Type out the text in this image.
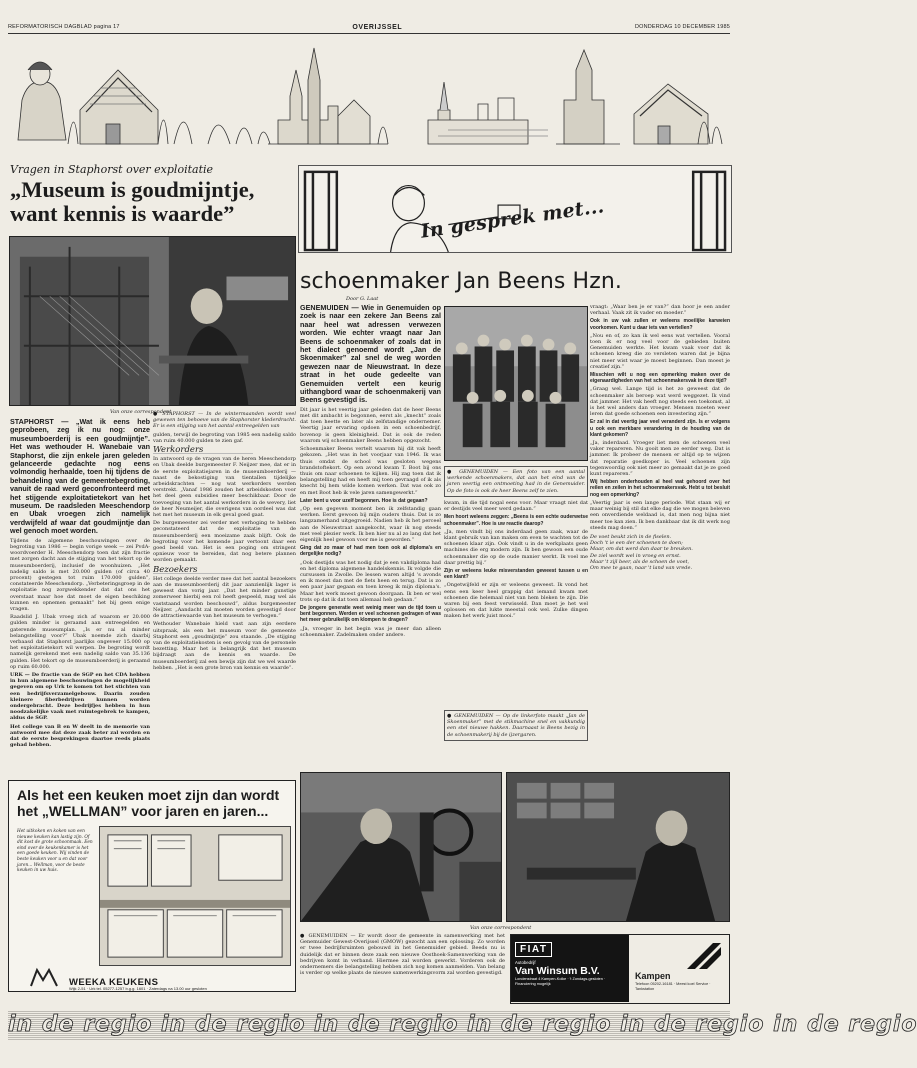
REFORMATORISCH DAGBLAD pagina 17	OVERIJSSEL	DONDERDAG 10 DECEMBER 1985
Vragen in Staphorst over exploitatie
„Museum is goudmijntje, want kennis is waarde”
Van onze correspondent

STAPHORST — „Wat ik eens heb geprobeen, zeg ik nu nog: onze museumboerderij is een goudmijntje”. Het was wethouder H. Wanebaie van Staphorst, die zijn enkele jaren geleden gelanceerde gedachte nog eens volmondig herhaalde, toen hij tijdens de behandeling van de gemeentebegroting, vanuit de raad werd geconfronteerd met het stijgende exploitatietekort van het museum. De raadsleden Meeschendorp en Ubak vroegen zich namelijk verdwijfeld af waar dat goudmijntje dan wel genoch moet worden.

Tijdens de algemene beschouwingen over de begroting van 1986 — begin vorige week — zei PvdA-woordvoerder H. Meeschendorp toen dat zijn fractie met zorgen dacht aan de stijging van het tekort op de museumboerderij, inclusief de woonhuizen. „Het nadelig saldo is met 20.000 gulden (of circa 40 procent) gestegen tot ruim 170.000 gulden”, constateerde Meeschendorp. „Verbeteringsgroep in de exploitatie nog zorgwekkender dat dat ons het overstaat maar hoe dat moet de eigen beschiking kunnen en opnemen gemaakt” het bij geen enige vragen.

Raadslid J. Ubak vroeg zich af waarom er 20.000 gulden minder is geraamd aan entreegelden en gaterende museumplan. „Is er nu al minder belangstelling voor?” Ubak noemde zich daarbij verbaasd dat Staphorst jaarlijks ongeveer 15.000 op het exploitatietekort wil werpen. De begroting wordt namelijk gerekend met een nadelig saldo van 35.136 gulden. Het tekort op de museumboerderij is geraamd op ruim 60.000.

URK — De fractie van de SGP en het CDA hebben in hun algemene beschouwingen de mogelijkheid gegeven om op Urk te komen tot het stichten van een bedrijfsverzamelgebouw. Daarin zouden kleinere fiberbedrijven kunnen worden ondergebracht. Deze bedrijfjes hebben in hun noodzakelijke vaak met ruimtegebrek te kampen, aldus de SGP.

Het college van B en W deelt in de memorie van antwoord mee dat deze zaak beter zal worden en dat de eerste besprekingen daartoe reeds plaats gehad hebben.

● STAPHORST — In de wintermaanden wordt veel geweven ten behoeve van de Staphorster klederdracht. Er is een stijging van het aantal entreegelden van

gulden, terwijl de begroting van 1985 een nadelig saldo van ruim 40.000 gulden te zien gaf.

Werkorders

In antwoord op de vragen van de heren Meeschendorp en Ubak deelde burgemeester F. Neijzer mee, dat er in de eerste exploitatiejaren in de museumboerderij — naast de bekostiging van tientallen tijdelijke arbeidskrachten — nog wat werkorders werden verstrekt. „Vanaf 1986 zouden het arbeidskosten voor het deel geen subsidies meer beschikbaar. Door de toevoeging van het aantal werkorders in de wevery, liet de heer Neumeijer, die overigens van oordeel was dat het met het museum in elk geval goed gaat.

De burgemeester zei verder met verhoging te hebben geconstateerd dat de exploitatie van de museumboerderij een moeizame zaak blijft. Ook de begroting voor het komende jaar vertoont daar een goed beeld van. Het is een poging om stringent opnieuw voor te bereiden, dat nog betere plannen worden gemaakt.

Bezoekers

Het college deelde verder mee dat het aantal bezoekers aan de museumboerderij dit jaar aanzienlijk lager is geweest dan vorig jaar. „Dat het minder gunstige zomerweer hierbij een rol heeft gespeeld, mag wel als vaststaand worden beschouwd”, aldus burgemeester Neijzer. „Aandacht zal moeten worden gevestigd door de attractiewaarde van het museum te verhogen.”

Wethouder Wanebaie hield vast aan zijn eerdere uitspraak, als een het museum voor de gemeente Staphorst een „goudmijntje” zou staande. „De stijging van de exploitatiekosten is een gevolg van de personele bezetting. Maar het is belangrijk dat het museum bijdraagt aan de kennis en waarde. De museumboerderij zal een bewijs zijn dat we wel waarde hebben. „Het is een grote bron van kennis en waarde”.

In gesprek met...
schoenmaker Jan Beens Hzn.
Door G. Laat

GENEMUIDEN — Wie in Genemuiden op zoek is naar een zekere Jan Beens zal naar heel wat adressen verwezen worden. Wie echter vraagt naar Jan Beens de schoenmaker of zoals dat in het dialect genoemd wordt „Jan de Skoenmaker” zal snel de weg worden gewezen naar de Nieuwstraat. In deze straat in het oude gedeelte van Genemuiden vertelt een keurig uithangbord waar de schoenmakerij van Beens gevestigd is.

Dit jaar is het veertig jaar geleden dat de heer Beens met dit ambacht is begonnen, eerst als „knecht” zoals dat toen heette en later als zelfstandige ondernemer. Veertig jaar ervaring opdoen in een schoenbedrijf, bovenop is geen kleinigheid. Dat is ook de reden waarom wij schoenmaker Beens hebben opgezocht.

Schoenmaker Beens vertelt waarom hij dit vak heeft gekozen. „Het was in het voorjaar van 1946. Ik was thuis omdat de school was gesloten wegens brandstoftekort. Op een avond kwam T. Boot bij ons thuis om naar schoenen te kijken. Hij zag toen dat ik belangstelling had en heeft mij toen gevraagd of ik als knecht bij hem wilde komen werken. Dat was ook zo en met Boot heb ik vele jaren samengewerkt.”

Later bent u voor uzelf begonnen. Hoe is dat gegaan?

„Op een gegeven moment ben ik zelfstandig gaan werken. Eerst gewoon bij mijn ouders thuis. Dat is zo langzamerhand uitgegroeid. Nadien heb ik het perceel aan de Nieuwstraat aangekocht, waar ik nog steeds met veel plezier werk. Ik ben hier nu al zo lang dat het eigenlijk heel gewoon voor me is geworden.”

Ging dat zo maar of had men toen ook al diploma's en dergelijke nodig?

„Ook destijds was het nodig dat je een vakdiploma had en het diploma algemene handelskennis. Ik volgde die cursussen in Zwolle. De lessen waren altijd 's avonds en ik moest dan met de fiets heen en terug. Dat is zo een paar jaar gegaan en toen kreeg ik mijn diploma's. Maar het werk moest gewoon doorgaan. Ik ben er wel trots op dat ik dat toen allemaal heb gedaan.”

De jongere generatie weet weinig meer van de tijd toen u bent begonnen. Werden er veel schoenen gedragen of was het meer gebruikelijk om klompen te dragen?

„Ja, vroeger in het begin was je meer dan alleen schoenmaker. Zadelmaken onder andere.

● GENEMUIDEN — Een foto van een aantal werkende schoenmakers, dat aan het eind van de jaren veertig een ontmoeting had in de Genemuider. Op de foto is ook de heer Beens zelf te zien.

kwam, in die tijd nogal eens voor. Maar vraagt niet dat er destijds veel meer werd gedaan.”

Men hoort weleens zeggen: „Beens is een echte ouderwetse schoenmaker”. Hoe is uw reactie daarop?

„Ja, men vindt bij ons inderdaad geen zaak, waar de klant gebruik van kan maken om even te wachten tot de schoenen klaar zijn. Ook vindt u in de werkplaats geen machines die erg modern zijn. Ik ben gewoon een oude schoenmaker die op de oude manier werkt. Ik voel me daar prettig bij.”

Zijn er weleens leuke misverstanden geweest tussen u en een klant?

„Ongetwijfeld er zijn er weleens geweest. Ik vond het eens een keer heel grappig dat iemand kwam met schoenen die helemaal niet van hem bleken te zijn. Die waren bij een feest verwisseld. Dan moet je het wel oplossen en dat lukte meestal ook wel. Zulke dingen maken het werk juist mooi.”

● GENEMUIDEN — Op de linkerfoto maakt „Jan de Skoenmaker” met de stikmachine snel en vakkundig een stel nieuwe hakken. Daarnaast is Beens bezig in de schoenmakerij bij de ijzergaren.

vraagt: „Waar ben je er van?” dan hoor je een ander verhaal. Vaak zit ik vader en moeder.”

Ook in uw vak zullen er weleens moeilijke karweien voorkomen. Kunt u daar iets van vertellen?

„Nou en of, zo kan ik wel eens wat vertellen. Vooral toen ik er nog veel voor de gebieden buiten Genemuiden werkte. Het kwam vaak voor dat ik schoenen kreeg die zo versleten waren dat je bijna niet meer wist waar je moest beginnen. Dan moest je creatief zijn.”

Misschien wilt u nog een opmerking maken over de eigenaardigheden van het schoenmakersvak in deze tijd?

„Graag wel. Lange tijd is het zo geweest dat de schoenmaker als beroep wat werd weggezet. Ik vind dat jammer. Het vak heeft nog steeds een toekomst, al is het wel anders dan vroeger. Mensen moeten weer leren dat goede schoenen een investering zijn.”

Er zal in dat veertig jaar veel veranderd zijn. Is er volgens u ook een merkbare verandering in de houding van de klant gekomen?

„Ja, inderdaad. Vroeger liet men de schoenen veel vaker repareren. Nu gooit men ze eerder weg. Dat is jammer. Ik probeer de mensen er altijd op te wijzen dat reparatie goedkoper is. Veel schoenen zijn tegenwoordig ook niet meer zo gemaakt dat je ze goed kunt repareren.”

Wij hebben onderhouden al heel wat gehoord over het reilen en zeilen in het schoenmakersvak. Hebt u tot besluit nog een opmerking?

„Veertig jaar is een lange periode. Wat staan wij er maar weinig bij stil dat elke dag die we mogen beleven een onverdiende weldaad is, dat men nog bijna niet meer toe kan zien. Ik ben dankbaar dat ik dit werk nog steeds mag doen.”

De voet beukt zich in de fiselen.
Doch 't ie een der schoenen te doen;
Maar, om dat werd dan daar te breuken.
De ziel wordt wel in vroeg en ernst.
Maar 't zijl beer, als de schoen de voet,
Om mee te gaan, naar 't land van vrede.

Van onze correspondent

● GENEMUIDEN — Er wordt door de gemeente in samenwerking met het Genemuider Gewest-Overijssel (GMOW) gezocht aan een oplossing. Zo worden er twee bedrijfsruimten gebouwd in het Genemuider gebied. Beeds nu is duidelijk dat er binnen deze zaak een nieuwe Oosthoek-Samenwerking van de bedrijven komt in verband. Hiermee zal worden gewerkt. Vorderen ook de ondernemers die belangstelling hebben zich nog komen aanmelden. Van belang is verder op welke plaats de nieuwe samenwerkingsvorm zal worden gevestigd.

Als het een keuken moet zijn dan wordt het „WELLMAN” voor jaren en jaren...
Het uitkoken en koken van een nieuwe keuken kan lastig zijn. Of dit kost de grote schoonmaak. Een eind over de keukenkamer is het een goede keuken. Wij vinden de beste keuken voor u en dat voor jaren... Wellman, voor de beste keuken in uw huis.
WEEKA KEUKENS
Wijk 2-51 · Urk tel. 05277-1257 b.g.g. 1601 · Zaterdags na 13.00 uur gesloten
FIAT
Autobedrijf
Van Winsum B.V.
Londenstraat 4 Kampen-Kolke · 't Zondags-gesloten · Financiering mogelijk
Kampen
Telefoon 05202-16181 · Meest koel Service · Tankstation
in de regio in de regio in de regio in de regio in de regio in de regio
